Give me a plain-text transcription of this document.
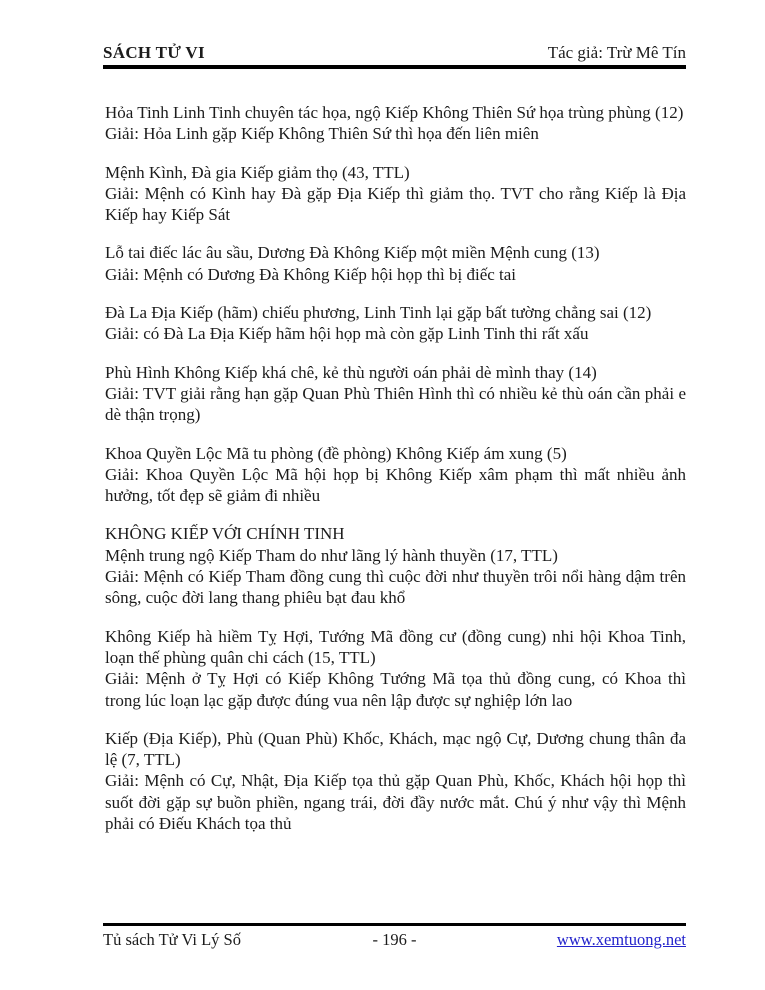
SÁCH TỬ VI	Tác giả: Trừ Mê Tín

Hỏa Tinh Linh Tinh chuyên tác họa, ngộ Kiếp Không Thiên Sứ họa trùng phùng (12)

Giải: Hỏa Linh gặp Kiếp Không Thiên Sứ thì họa đến liên miên

Mệnh Kình, Đà gia Kiếp giảm thọ (43, TTL)

Giải: Mệnh có Kình hay Đà gặp Địa Kiếp thì giảm thọ. TVT cho rằng Kiếp là Địa Kiếp hay Kiếp Sát

Lỗ tai điếc lác âu sầu, Dương Đà Không Kiếp một miền Mệnh cung (13)

Giải: Mệnh có Dương Đà Không Kiếp hội họp thì bị điếc tai

Đà La Địa Kiếp (hãm) chiếu phương, Linh Tinh lại gặp bất tường chẳng sai (12)

Giải: có Đà La Địa Kiếp hãm hội họp mà còn gặp Linh Tinh thi rất xấu

Phù Hình Không Kiếp khá chê, kẻ thù người oán phải dè mình thay (14)

Giải: TVT giải rằng hạn gặp Quan Phù Thiên Hình thì có nhiều kẻ thù oán cần phải e dè thận trọng)

Khoa Quyền Lộc Mã tu phòng (đề phòng) Không Kiếp ám xung (5)

Giải: Khoa Quyền Lộc Mã hội họp bị Không Kiếp xâm phạm thì mất nhiều ảnh hưởng, tốt đẹp sẽ giảm đi nhiều

KHÔNG KIẾP VỚI CHÍNH TINH

Mệnh trung ngộ Kiếp Tham do như lãng lý hành thuyền (17, TTL)

Giải: Mệnh có Kiếp Tham đồng cung thì cuộc đời như thuyền trôi nổi hàng dậm trên sông, cuộc đời lang thang phiêu bạt đau khổ

Không Kiếp hà hiềm Tỵ Hợi, Tướng Mã đồng cư (đồng cung) nhi hội Khoa Tinh, loạn thế phùng quân chi cách (15, TTL)

Giải: Mệnh ở Tỵ Hợi có Kiếp Không Tướng Mã tọa thủ đồng cung, có Khoa thì trong lúc loạn lạc gặp được đúng vua nên lập được sự nghiệp lớn lao

Kiếp (Địa Kiếp), Phù (Quan Phù) Khốc, Khách, mạc ngộ Cự, Dương chung thân đa lệ (7, TTL)

Giải: Mệnh có Cự, Nhật, Địa Kiếp tọa thủ gặp Quan Phù, Khốc, Khách hội họp thì suốt đời gặp sự buồn phiền, ngang trái, đời đầy nước mắt. Chú ý như vậy thì Mệnh phải có Điếu Khách tọa thủ

Tủ sách Tử Vi Lý Số	- 196 -	www.xemtuong.net
